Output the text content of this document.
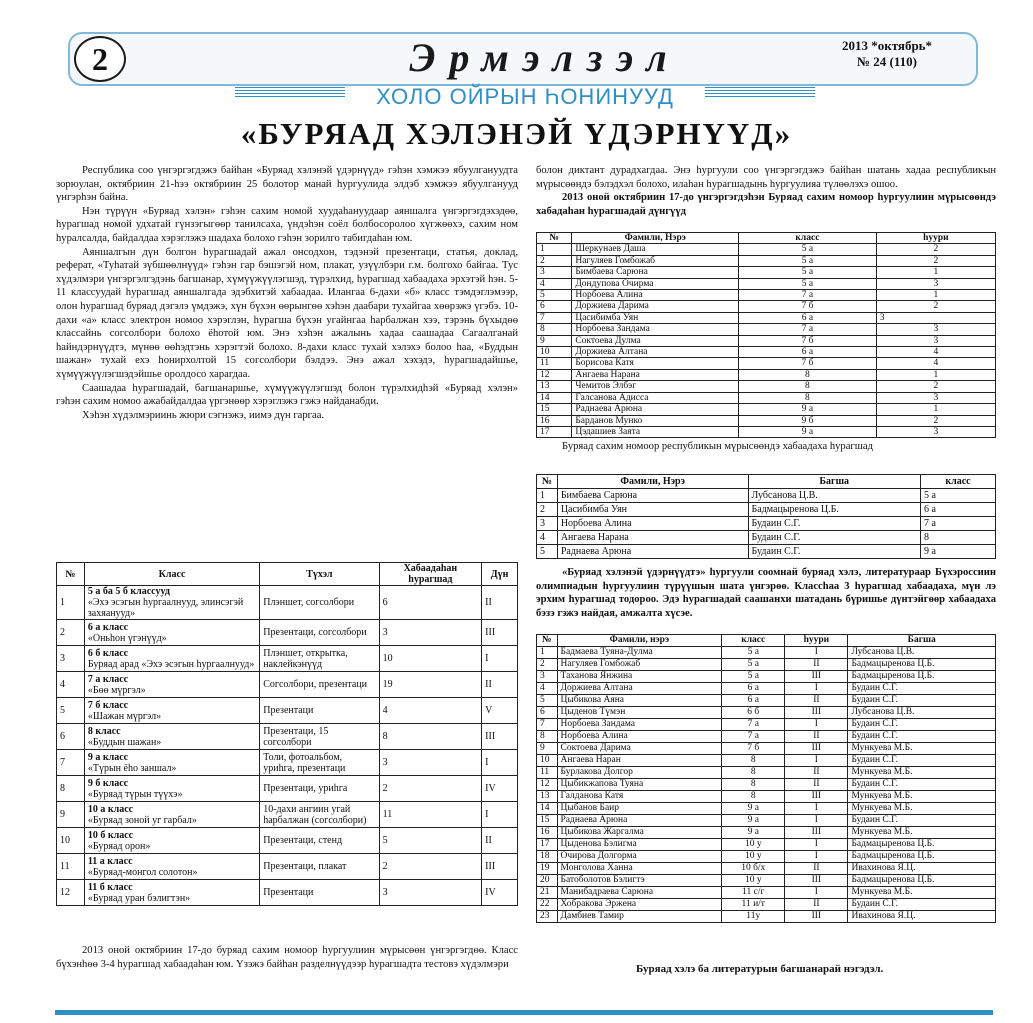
2	Эрмэлзэл	2013 *октябрь*
№ 24 (110)
ХОЛО ОЙРЫН ҺОНИНУУД
«БУРЯАД ХЭЛЭНЭЙ ҮДЭРНҮҮД»

Республика соо үнгэргэгдэжэ байһан «Буряад хэлэнэй үдэрнүүд» гэһэн хэмжээ ябуулгануудта зорюулан, октябриин 21-һээ октябриин 25 болотор манай һургуулида элдэб хэмжээ ябуулганууд үнгэрһэн байна.

Нэн түрүүн «Буряад хэлэн» гэһэн сахим номой хуудаһануудаар аяншалга үнгэргэгдэхэдөө, һурагшад номой удхатай гүнзэгыгөөр танилсаха, үндэһэн соёл болбосоролоо хүгжөөхэ, сахим ном һуралсалда, байдалдаа хэрэглэжэ шадаха болохо гэһэн зорилго табигдаһан юм.

Аяншалгын дүн болгон һурагшадай ажал онсодхон, тэдэнэй презентаци, статья, доклад, реферат, «Туһатай зүбшөөлнүүд» гэһэн гар бэшэгэй ном, плакат, узүүлбэри г.м. болгохо байгаа. Тус хүдэлмэри үнгэргэлгэдэнь багшанар, хүмүүжүүлэгшэд, түрэлхид, һурагшад хабаадаха эрхэтэй һэн. 5-11 классуудай һурагшад аяншалгада эдэбхитэй хабаадаа. Илангаа 6-дахи «б» класс тэмдэглэмээр, олон һурагшад буряад дэгэлэ үмдэжэ, хүн бүхэн өөрынгөө хэһэн даабари тухайгаа хөөрэжэ үгэбэ. 10-дахи «а» класс электрон номоо хэрэглэн, һурагша бүхэн угайнгаа һарбалжан хээ, тэрэнь бүхыдөө классайнь согсолбори болохо ёһотой юм. Энэ хэһэн ажалынь хадаа саашадаа Сагаалганай һайндэрнүүдтэ, мүнөө өөһэдтэнь хэрэгтэй болохо. 8-дахи класс тухай хэлэхэ болоо һаа, «Буддын шажан» тухай ехэ һонирхолтой 15 согсолбори бэлдээ. Энэ ажал хэхэдэ, һурагшадайшье, хүмүүжүүлэгшэдэйшье оролдосо харагдаа.

Саашадаа һурагшадай, багшанаршье, хүмүүжүүлэгшэд болон түрэлхидһэй «Буряад хэлэн» гэһэн сахим номоо ажабайдалдаа үргэнөөр хэрэглэжэ гэжэ найданабди.

Хэһэн хүдэлмэриинь жюри сэгнэжэ, иимэ дүн гаргаа.

№	Класс	Түхэл	Хабаадаһан һурагшад	Дүн
1	5 а ба 5 б классууд
«Эхэ эсэгын һургаалнууд, элинсэгэй захяанууд»	Плэншет, согсолбори	6	II
2	6 а класс
«Оньһон үгэнүүд»	Презентаци, согсолбори	3	III
3	6 б класс
Буряад арад «Эхэ эсэгын һургаалнууд»	Плэншет, открытка, наклейкэнүүд	10	I
4	7 а класс
«Бөө мүргэл»	Согсолбори, презентаци	19	II
5	7 б класс
«Шажан мүргэл»	Презентаци	4	V
6	8 класс
«Буддын шажан»	Презентаци, 15 согсолбори	8	III
7	9 а класс
«Түрын ёһо заншал»	Толи, фотоальбом, уриһга, презентаци	3	I
8	9 б класс
«Буряад түрын түүхэ»	Презентаци, уриһга	2	IV
9	10 а класс
«Буряад зоной уг гарбал»	10-дахи ангиин угай һарбалжан (согсолбори)	11	I
10	10 б класс
«Буряад орон»	Презентаци, стенд	5	II
11	11 а класс
«Буряад-монгол солотон»	Презентаци, плакат	2	III
12	11 б класс
«Буряад уран бэлигтэн»	Презентаци	3	IV

2013 оной октябриин 17-до буряад сахим номоор һургуулиин мүрысөөн үнгэргэгдөө. Класс бүхэнһөө 3-4 һурагшад хабаадаһан юм. Үзэжэ байһан разделнүүдээр һурагшадта тестовэ хүдэлмэри

болон диктант дурадхагдаа. Энэ һургуули соо үнгэргэгдэжэ байһан шатань хадаа республикын мүрысөөндэ бэлэдхэл болохо, илаһан һурагшадынь һургуулияа түлөөлэхэ ошоо.

2013 оной октябриин 17-до үнгэргэгдэһэн Буряад сахим номоор һургуулиин мүрысөөндэ хабадаһан һурагшадай дүнгүүд

№	Фамили, Нэрэ	класс	һуури
1	Шеркунаев Даша	5 а	2
2	Нагуляев Гомбожаб	5 а	2
3	Бимбаева Сарюна	5 а	1
4	Дондупова Очирма	5 а	3
5	Норбоева Алина	7 а	1
6	Доржиева Дарима	7 б	2
7	Цасибимба Уян	6 а	3
8	Норбоева Зандама	7 а	3
9	Соктоева Дулма	7 б	3
10	Доржиева Алтана	6 а	4
11	Борисова Катя	7 б	4
12	Ангаева Нарана	8	1
13	Чемитов Элбэг	8	2
14	Галсанова Адисса	8	3
15	Раднаева Арюна	9 а	1
16	Барданов Мунко	9 б	2
17	Цэдашиев Заята	9 а	3

Буряад сахим номоор республикын мүрысөөндэ хабаадаха һурагшад

№	Фамили, Нэрэ	Багша	класс
1	Бимбаева Сарюна	Лубсанова Ц.В.	5 а
2	Цасибимба Уян	Бадмацыренова Ц.Б.	6 а
3	Норбоева Алина	Будаин С.Г.	7 а
4	Ангаева Нарана	Будаин С.Г.	8
5	Раднаева Арюна	Будаин С.Г.	9 а

«Буряад хэлэнэй үдэрнүүдтэ» һургуули соомнай буряад хэлэ, литератураар Бүхэроссиин олимпиадын һургуулиин түрүүшын шата үнгэрөө. Классһаа 3 һурагшад хабаадаха, мүн лэ эрхим һурагшад тодороо. Эдэ һурагшадай саашанхи шатадань бүришье дүнтэйгөөр хабаадаха бэзэ гэжэ найдая, амжалта хүсэе.

№	Фамили, нэрэ	класс	һуури	Багша
1	Бадмаева Туяна-Дулма	5 а	I	Лубсанова Ц.В.
2	Нагуляев Гомбожаб	5 а	II	Бадмацыренова Ц.Б.
3	Таханова Янжина	5 а	III	Бадмацыренова Ц.Б.
4	Доржиева Алтана	6 а	I	Будаин С.Г.
5	Цыбикова Аяна	6 а	II	Будаин С.Г.
6	Цыденов Түмэн	6 б	III	Лубсанова Ц.В.
7	Норбоева Зандама	7 а	I	Будаин С.Г.
8	Норбоева Алина	7 а	II	Будаин С.Г.
9	Соктоева Дарима	7 б	III	Мункуева М.Б.
10	Ангаева Наран	8	I	Будаин С.Г.
11	Бурлакова Долгор	8	II	Мункуева М.Б.
12	Цыбикжапова Туяна	8	II	Будаин С.Г.
13	Галданова Катя	8	III	Мункуева М.Б.
14	Цыбанов Баир	9 а	I	Мункуева М.Б.
15	Раднаева Арюна	9 а	I	Будаин С.Г.
16	Цыбикова Жаргалма	9 а	III	Мункуева М.Б.
17	Цыденова Бэлигма	10 у	I	Бадмацыренова Ц.Б.
18	Очирова Долгорма	10 у	I	Бадмацыренова Ц.Б.
19	Монголова Ханна	10 б/х	II	Ивахинова Я.Ц.
20	Батоболотов Бэлигтэ	10 у	III	Бадмацыренова Ц.Б.
21	Манибадраева Сарюна	11 с/г	I	Мункуева М.Б.
22	Хобракова Эржена	11 и/т	II	Будаин С.Г.
23	Дамбиев Тамир	11у	III	Ивахинова Я.Ц.
Буряад хэлэ ба литературын багшанарай нэгэдэл.
